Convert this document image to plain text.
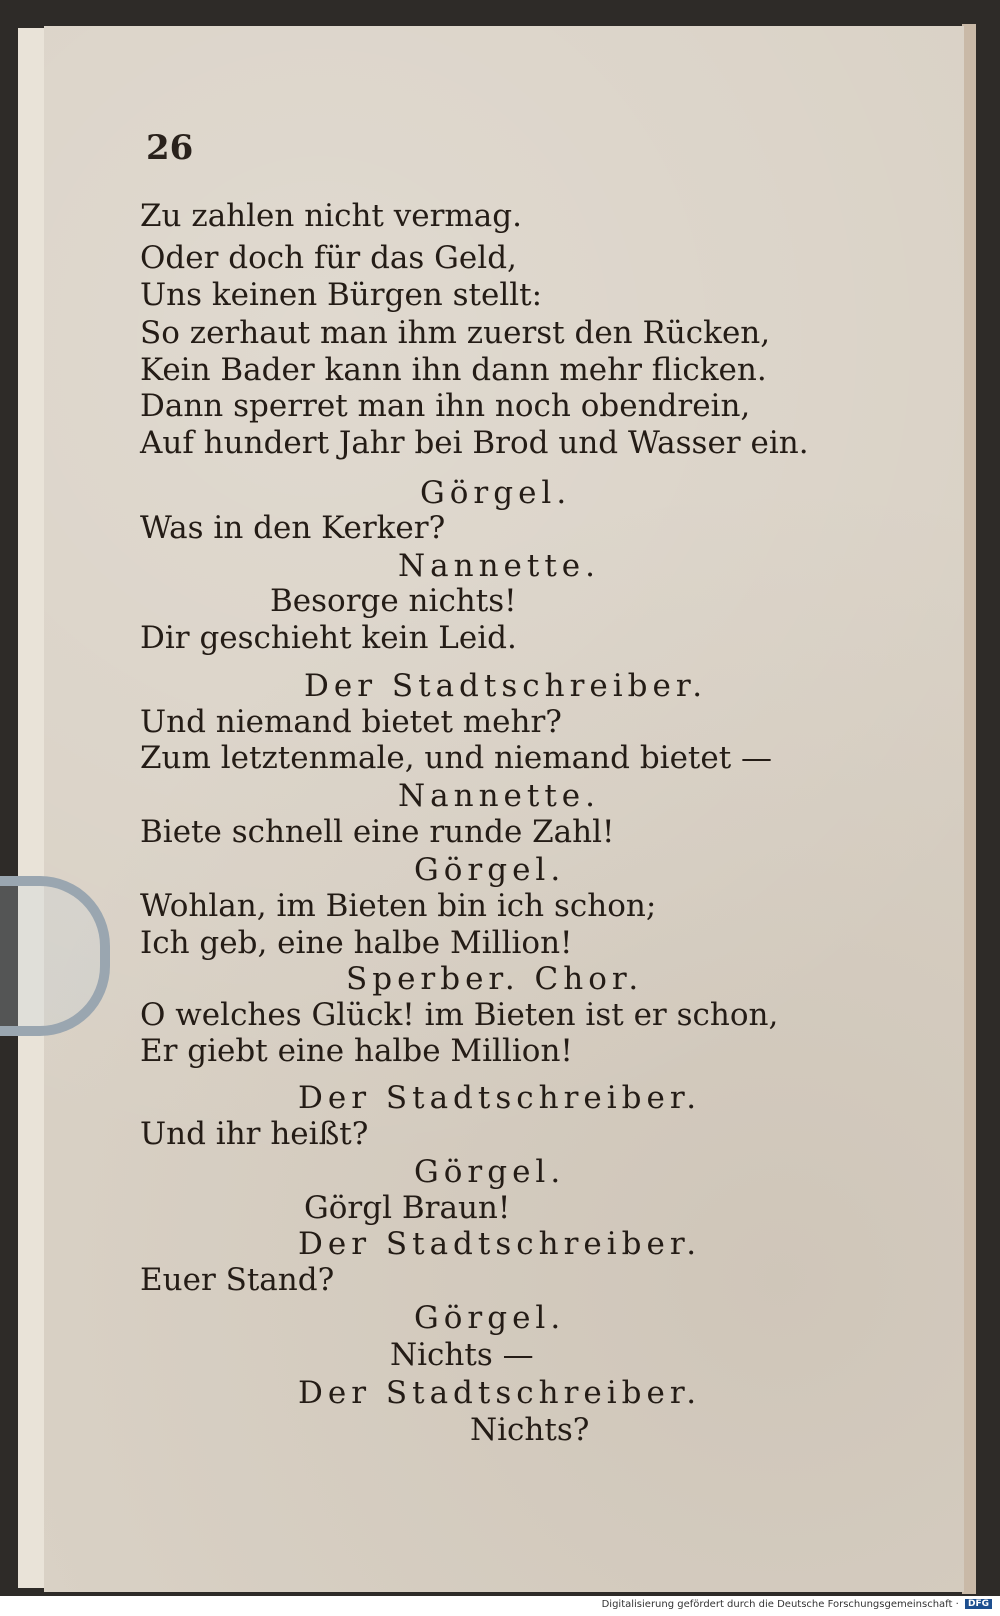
26
Zu zahlen nicht vermag.
Oder doch für das Geld,
Uns keinen Bürgen stellt:
So zerhaut man ihm zuerst den Rücken,
Kein Bader kann ihn dann mehr flicken.
Dann sperret man ihn noch obendrein,
Auf hundert Jahr bei Brod und Wasser ein.
Görgel.
Was in den Kerker?
Nannette.
Besorge nichts!
Dir geschieht kein Leid.
Der Stadtschreiber.
Und niemand bietet mehr?
Zum letztenmale, und niemand bietet —
Nannette.
Biete schnell eine runde Zahl!
Görgel.
Wohlan, im Bieten bin ich schon;
Ich geb, eine halbe Million!
Sperber. Chor.
O welches Glück! im Bieten ist er schon,
Er giebt eine halbe Million!
Der Stadtschreiber.
Und ihr heißt?
Görgel.
Görgl Braun!
Der Stadtschreiber.
Euer Stand?
Görgel.
Nichts —
Der Stadtschreiber.
Nichts?
Digitalisierung gefördert durch die Deutsche Forschungsgemeinschaft · DFG
